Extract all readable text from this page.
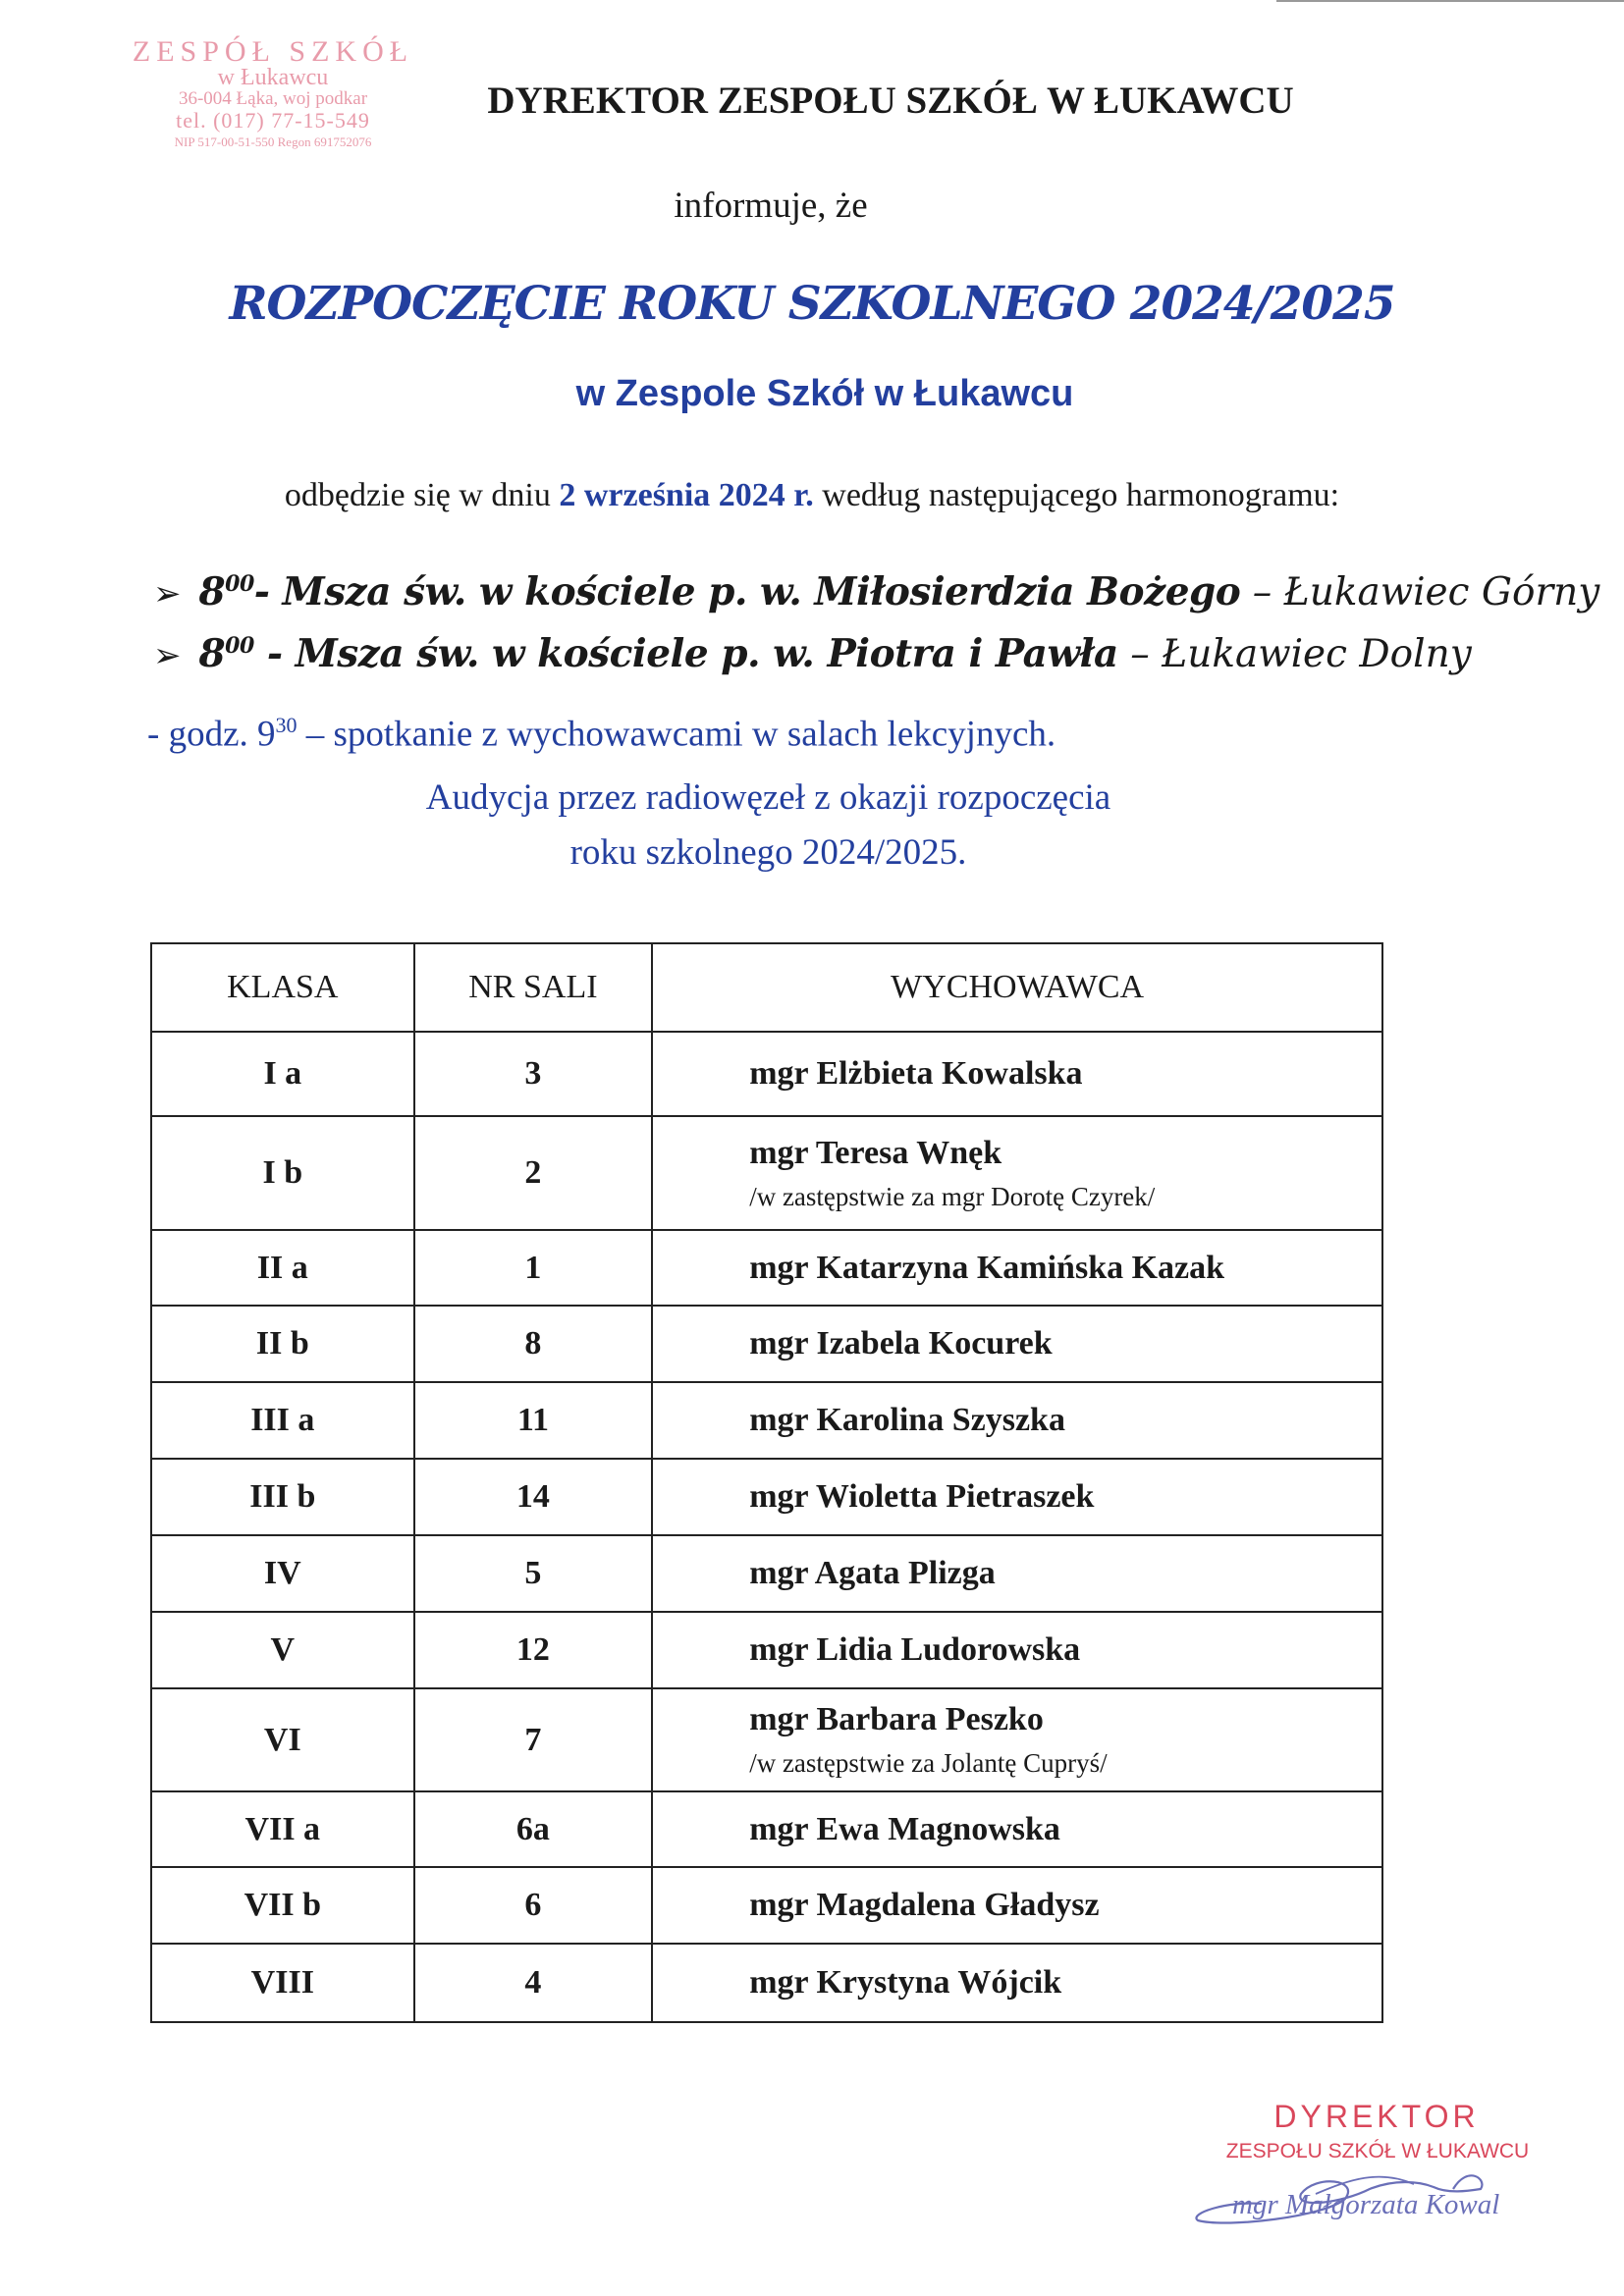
ZESPÓŁ SZKÓŁ
w Łukawcu
36-004 Łąka, woj podkar
tel. (017) 77-15-549
NIP 517-00-51-550 Regon 691752076
DYREKTOR ZESPOŁU SZKÓŁ W ŁUKAWCU
informuje, że
ROZPOCZĘCIE ROKU SZKOLNEGO 2024/2025
w Zespole Szkół w Łukawcu
odbędzie się w dniu 2 września 2024 r. według następującego harmonogramu:
➢ $8^{00}-$ Msza św. w kościele p. w. Miłosierdzia Bożego – Łukawiec Górny
➢ $8^{00}$ - Msza św. w kościele p. w. Piotra i Pawła – Łukawiec Dolny
- godz. $9^{30}$ – spotkanie z wychowawcami w salach lekcyjnych.
Audycja przez radiowęzeł z okazji rozpoczęcia
roku szkolnego 2024/2025.
KLASA	NR SALI	WYCHOWAWCA
I a	3	mgr Elżbieta Kowalska
I b	2	mgr Teresa Wnęk
/w zastępstwie za mgr Dorotę Czyrek/

II a	1	mgr Katarzyna Kamińska Kazak
II b	8	mgr Izabela Kocurek
III a	11	mgr Karolina Szyszka
III b	14	mgr Wioletta Pietraszek
IV	5	mgr Agata Plizga
V	12	mgr Lidia Ludorowska
VI	7	mgr Barbara Peszko
/w zastępstwie za Jolantę Cupryś/

VII a	6a	mgr Ewa Magnowska
VII b	6	mgr Magdalena Gładysz
VIII	4	mgr Krystyna Wójcik
DYREKTOR
ZESPOŁU SZKÓŁ W ŁUKAWCU
mgr Małgorzata Kowal
